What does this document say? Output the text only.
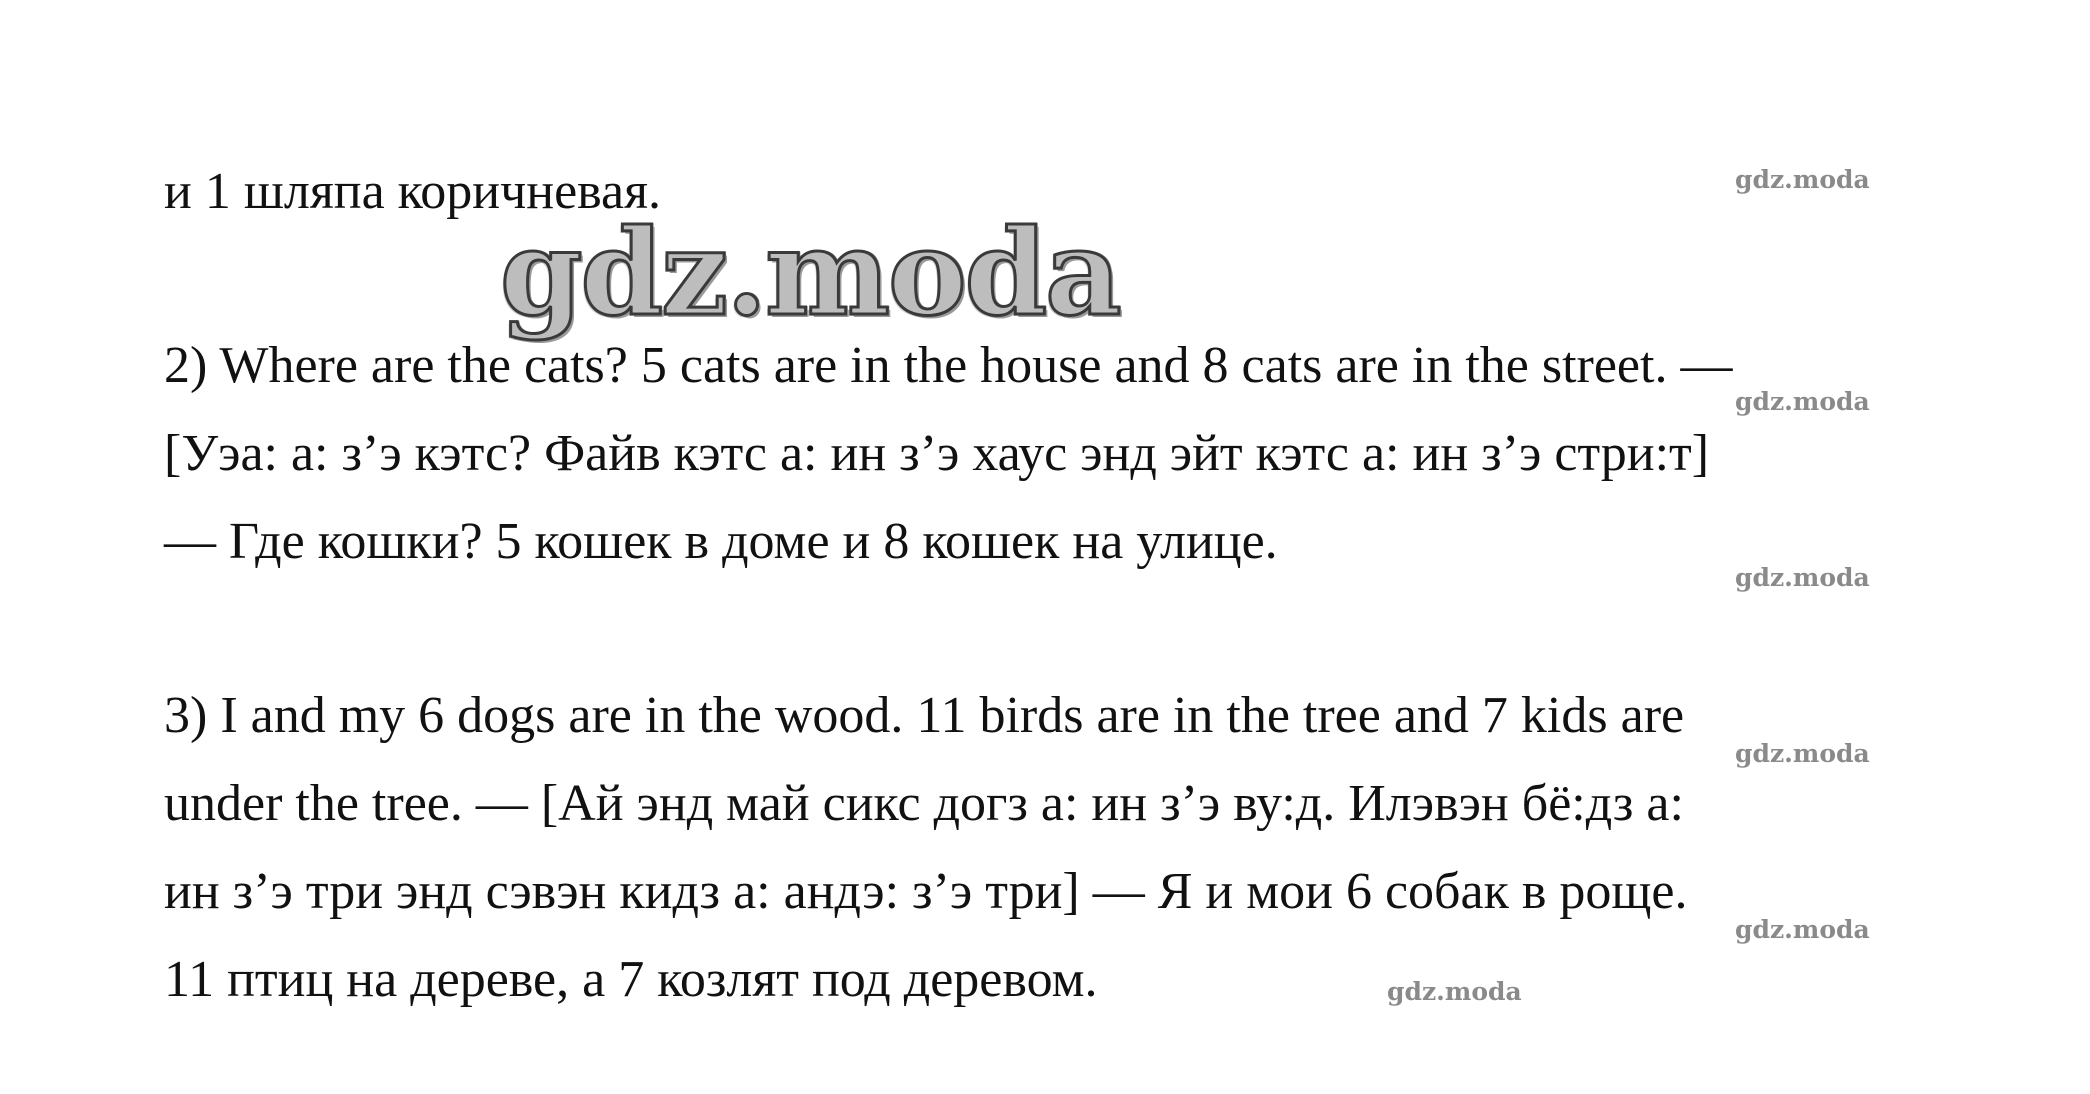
gdz.moda
gdz.moda
gdz.moda
gdz.moda
gdz.moda
gdz.moda
gdz.moda

и 1 шляпа коричневая.

2) Where are the cats? 5 cats are in the house and 8 cats are in the street. —

[Уэа: а: з’э кэтс? Файв кэтс а: ин з’э хаус энд эйт кэтс а: ин з’э стри:т]

— Где кошки? 5 кошек в доме и 8 кошек на улице.

3) I and my 6 dogs are in the wood. 11 birds are in the tree and 7 kids are

under the tree. — [Ай энд май сикс догз а: ин з’э ву:д. Илэвэн бё:дз а:

ин з’э три энд сэвэн кидз а: андэ: з’э три] — Я и мои 6 собак в роще.

11 птиц на дереве, а 7 козлят под деревом.
